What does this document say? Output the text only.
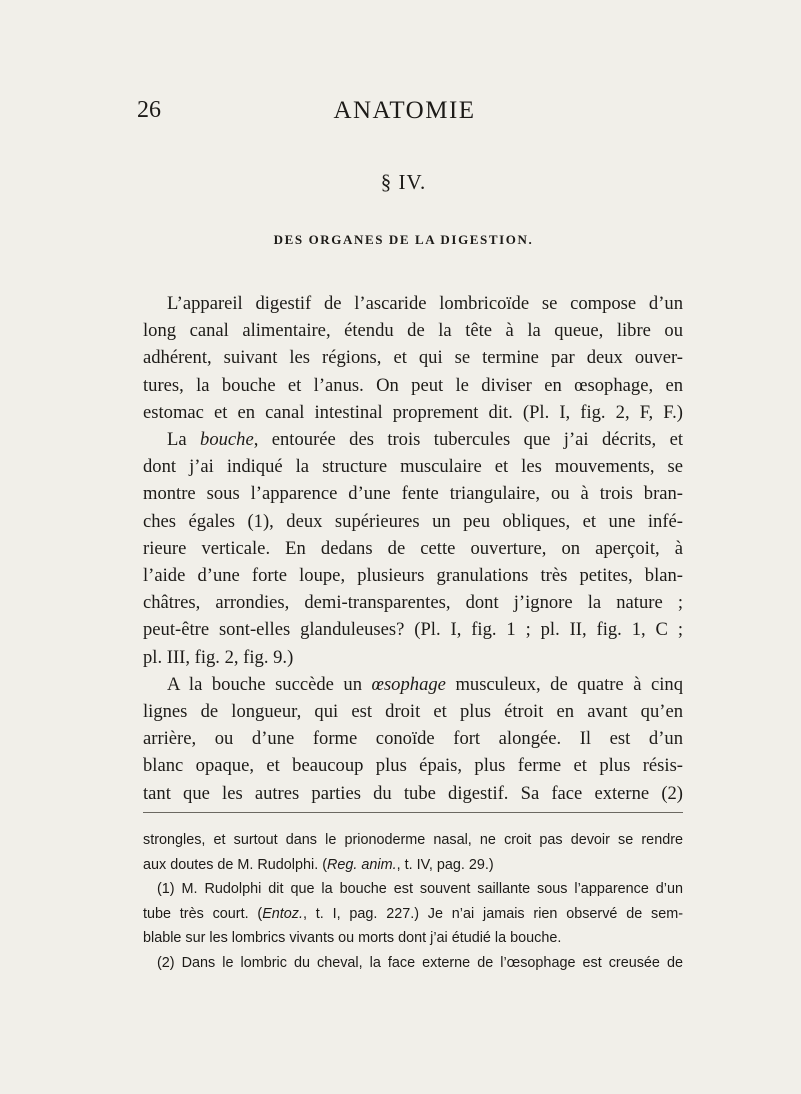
26	ANATOMIE
§ IV.
DES ORGANES DE LA DIGESTION.
L’appareil digestif de l’ascaride lombricoïde se compose d’un
long canal alimentaire, étendu de la tête à la queue, libre ou
adhérent, suivant les régions, et qui se termine par deux ouver-
tures, la bouche et l’anus. On peut le diviser en œsophage, en
estomac et en canal intestinal proprement dit. (Pl. I, fig. 2, F, F.)
La bouche, entourée des trois tubercules que j’ai décrits, et
dont j’ai indiqué la structure musculaire et les mouvements, se
montre sous l’apparence d’une fente triangulaire, ou à trois bran-
ches égales (1), deux supérieures un peu obliques, et une infé-
rieure verticale. En dedans de cette ouverture, on aperçoit, à
l’aide d’une forte loupe, plusieurs granulations très petites, blan-
châtres, arrondies, demi-transparentes, dont j’ignore la nature ;
peut-être sont-elles glanduleuses? (Pl. I, fig. 1 ; pl. II, fig. 1, C ;
pl. III, fig. 2, fig. 9.)
A la bouche succède un œsophage musculeux, de quatre à cinq
lignes de longueur, qui est droit et plus étroit en avant qu’en
arrière, ou d’une forme conoïde fort alongée. Il est d’un
blanc opaque, et beaucoup plus épais, plus ferme et plus résis-
tant que les autres parties du tube digestif. Sa face externe (2)
strongles, et surtout dans le prionoderme nasal, ne croit pas devoir se rendre
aux doutes de M. Rudolphi. (Reg. anim., t. IV, pag. 29.)
(1) M. Rudolphi dit que la bouche est souvent saillante sous l’apparence d’un
tube très court. (Entoz., t. I, pag. 227.) Je n’ai jamais rien observé de sem-
blable sur les lombrics vivants ou morts dont j’ai étudié la bouche.
(2) Dans le lombric du cheval, la face externe de l’œsophage est creusée de
